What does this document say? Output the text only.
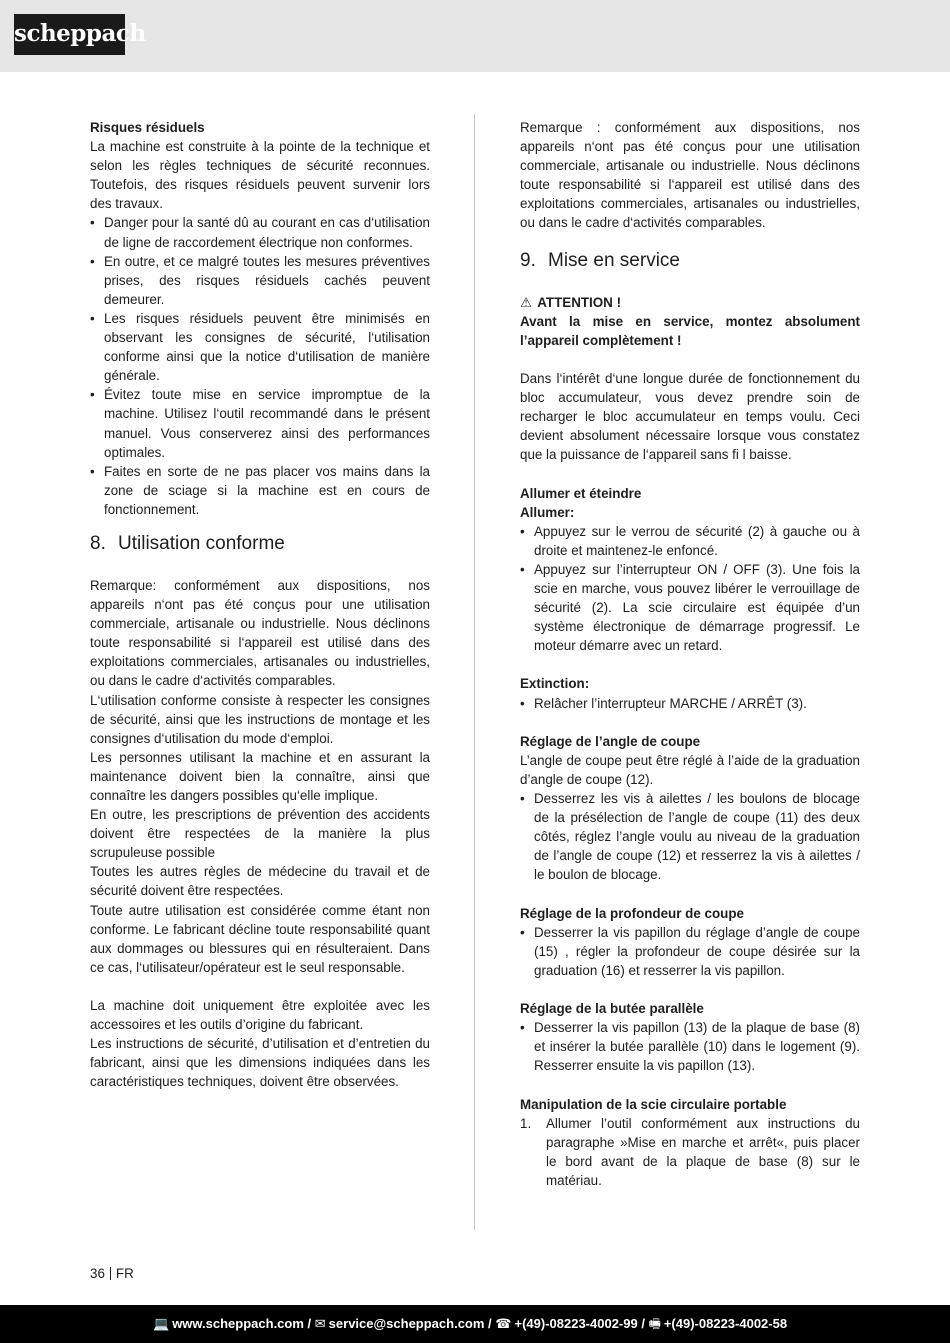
scheppach

Risques résiduels

La machine est construite à la pointe de la technique et selon les règles techniques de sécurité reconnues. Toutefois, des risques résiduels peuvent survenir lors des travaux.

• Danger pour la santé dû au courant en cas d‘utilisation de ligne de raccordement électrique non conformes.
• En outre, et ce malgré toutes les mesures préventives prises, des risques résiduels cachés peuvent demeurer.
• Les risques résiduels peuvent être minimisés en observant les consignes de sécurité, l‘utilisation conforme ainsi que la notice d‘utilisation de manière générale.
• Évitez toute mise en service impromptue de la machine. Utilisez l‘outil recommandé dans le présent manuel. Vous conserverez ainsi des performances optimales.
• Faites en sorte de ne pas placer vos mains dans la zone de sciage si la machine est en cours de fonctionnement.
8. Utilisation conforme

Remarque: conformément aux dispositions, nos appareils n‘ont pas été conçus pour une utilisation commerciale, artisanale ou industrielle. Nous déclinons toute responsabilité si l‘appareil est utilisé dans des exploitations commerciales, artisanales ou industrielles, ou dans le cadre d‘activités comparables.

L‘utilisation conforme consiste à respecter les consignes de sécurité, ainsi que les instructions de montage et les consignes d‘utilisation du mode d‘emploi.

Les personnes utilisant la machine et en assurant la maintenance doivent bien la connaître, ainsi que connaître les dangers possibles qu‘elle implique.

En outre, les prescriptions de prévention des accidents doivent être respectées de la manière la plus scrupuleuse possible

Toutes les autres règles de médecine du travail et de sécurité doivent être respectées.

Toute autre utilisation est considérée comme étant non conforme. Le fabricant décline toute responsabilité quant aux dommages ou blessures qui en résulteraient. Dans ce cas, l‘utilisateur/opérateur est le seul responsable.

La machine doit uniquement être exploitée avec les accessoires et les outils d’origine du fabricant.

Les instructions de sécurité, d’utilisation et d’entretien du fabricant, ainsi que les dimensions indiquées dans les caractéristiques techniques, doivent être observées.

Remarque : conformément aux dispositions, nos appareils n‘ont pas été conçus pour une utilisation commerciale, artisanale ou industrielle. Nous déclinons toute responsabilité si l‘appareil est utilisé dans des exploitations commerciales, artisanales ou industrielles, ou dans le cadre d‘activités comparables.

9. Mise en service

⚠ ATTENTION !

Avant la mise en service, montez absolument l’appareil complètement !

Dans l‘intérêt d‘une longue durée de fonctionnement du bloc accumulateur, vous devez prendre soin de recharger le bloc accumulateur en temps voulu. Ceci devient absolument nécessaire lorsque vous constatez que la puissance de l‘appareil sans fi l baisse.

Allumer et éteindre

Allumer:

• Appuyez sur le verrou de sécurité (2) à gauche ou à droite et maintenez-le enfoncé.
• Appuyez sur l’interrupteur ON / OFF (3). Une fois la scie en marche, vous pouvez libérer le verrouillage de sécurité (2). La scie circulaire est équipée d’un système électronique de démarrage progressif. Le moteur démarre avec un retard.

Extinction:

• Relâcher l’interrupteur MARCHE / ARRÊT (3).

Réglage de l’angle de coupe

L’angle de coupe peut être réglé à l’aide de la graduation d’angle de coupe (12).

• Desserrez les vis à ailettes / les boulons de blocage de la présélection de l’angle de coupe (11) des deux côtés, réglez l’angle voulu au niveau de la graduation de l’angle de coupe (12) et resserrez la vis à ailettes / le boulon de blocage.

Réglage de la profondeur de coupe

• Desserrer la vis papillon du réglage d’angle de coupe (15) , régler la profondeur de coupe désirée sur la graduation (16) et resserrer la vis papillon.

Réglage de la butée parallèle

• Desserrer la vis papillon (13) de la plaque de base (8) et insérer la butée parallèle (10) dans le logement (9). Resserrer ensuite la vis papillon (13).

Manipulation de la scie circulaire portable

1. Allumer l’outil conformément aux instructions du paragraphe »Mise en marche et arrêt«, puis placer le bord avant de la plaque de base (8) sur le matériau.
36 FR
💻 www.scheppach.com / ✉ service@scheppach.com / ☎ +(49)-08223-4002-99 / 🖷 +(49)-08223-4002-58
